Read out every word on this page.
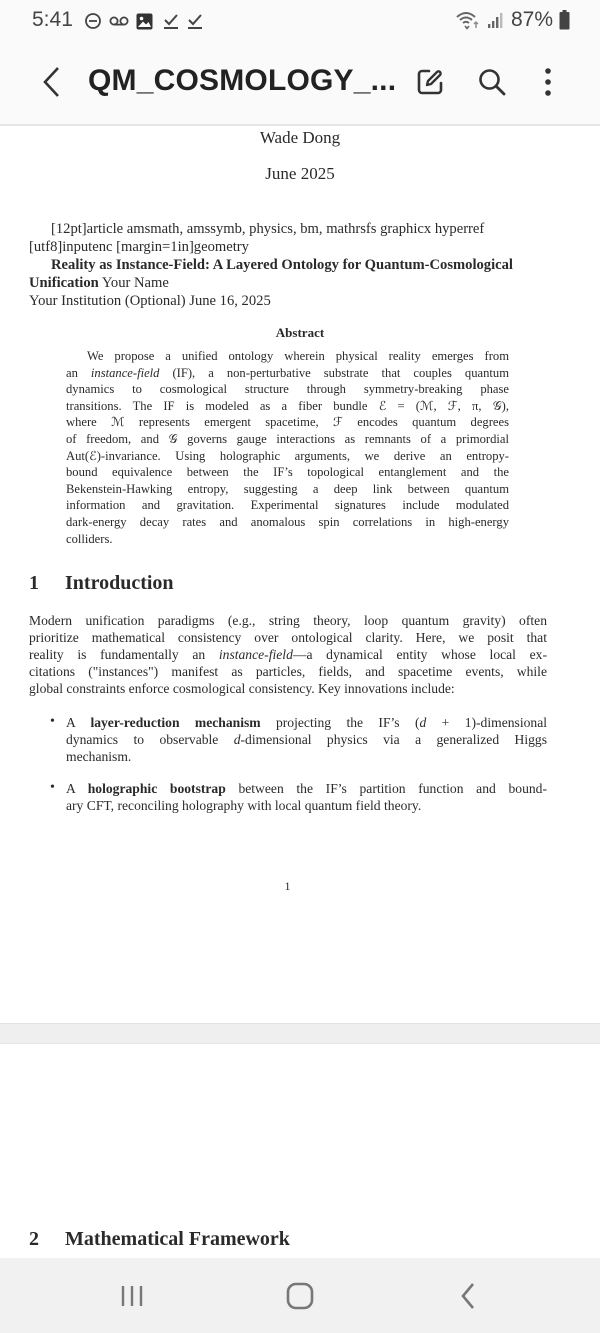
5:41	87%
QM_COSMOLOGY_...
Wade Dong
June 2025
[12pt]article amsmath, amssymb, physics, bm, mathrsfs graphicx hyperref
[utf8]inputenc [margin=1in]geometry
Reality as Instance-Field: A Layered Ontology for Quantum-Cosmological
Unification Your Name
Your Institution (Optional) June 16, 2025
Abstract
We propose a unified ontology wherein physical reality emerges from
an instance-field (IF), a non-perturbative substrate that couples quantum
dynamics to cosmological structure through symmetry-breaking phase
transitions. The IF is modeled as a fiber bundle ℰ = (ℳ, ℱ, π, 𝒢),
where ℳ represents emergent spacetime, ℱ encodes quantum degrees
of freedom, and 𝒢 governs gauge interactions as remnants of a primordial
Aut(ℰ)-invariance. Using holographic arguments, we derive an entropy-
bound equivalence between the IF’s topological entanglement and the
Bekenstein-Hawking entropy, suggesting a deep link between quantum
information and gravitation. Experimental signatures include modulated
dark-energy decay rates and anomalous spin correlations in high-energy
colliders.
1 Introduction
Modern unification paradigms (e.g., string theory, loop quantum gravity) often
prioritize mathematical consistency over ontological clarity. Here, we posit that
reality is fundamentally an instance-field—a dynamical entity whose local ex-
citations ("instances") manifest as particles, fields, and spacetime events, while
global constraints enforce cosmological consistency. Key innovations include:
• A layer-reduction mechanism projecting the IF’s (d + 1)-dimensional
dynamics to observable d-dimensional physics via a generalized Higgs
mechanism.
• A holographic bootstrap between the IF’s partition function and bound-
ary CFT, reconciling holography with local quantum field theory.
1
2 Mathematical Framework
